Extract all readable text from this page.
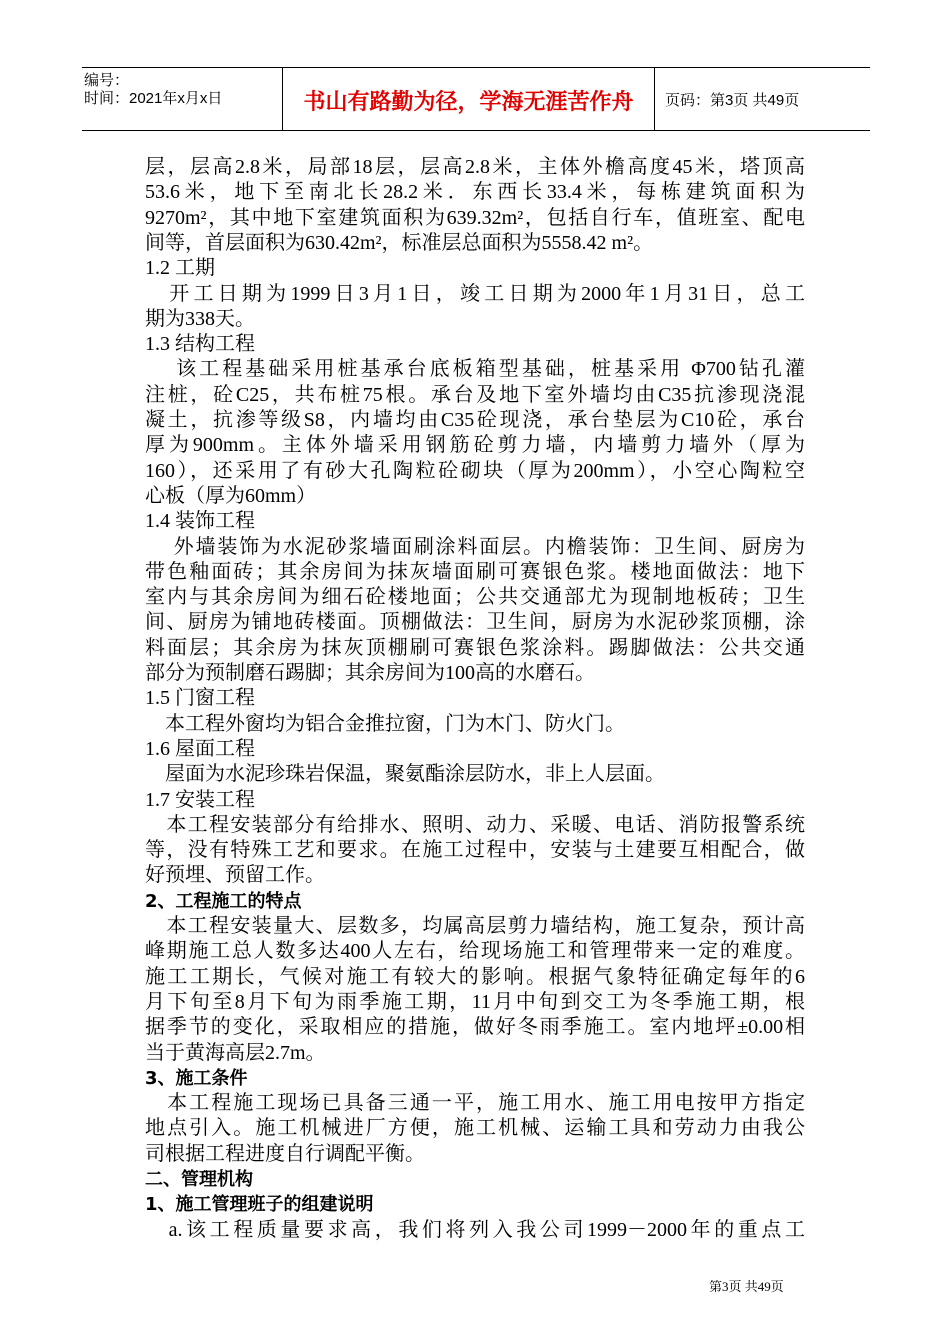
编号：
时间：2021年x月x日	书山有路勤为径，学海无涯苦作舟	页码：第3页 共49页
层，层高2.8米，局部18层，层高2.8米，主体外檐高度45米，塔顶高
53.6米，地下至南北长28.2米．东西长33.4米，每栋建筑面积为
9270m²，其中地下室建筑面积为639.32m²，包括自行车，值班室、配电
间等，首层面积为630.42m²，标准层总面积为5558.42 m²。
1.2 工期
　开工日期为1999日3月1日，竣工日期为2000年1月31日，总工
期为338天。
1.3 结构工程
　 该工程基础采用桩基承台底板箱型基础，桩基采用 Φ700钻孔灌
注桩，砼C25，共布桩75根。承台及地下室外墙均由C35抗渗现浇混
凝土，抗渗等级S8，内墙均由C35砼现浇，承台垫层为C10砼，承台
厚为900mm。主体外墙采用钢筋砼剪力墙，内墙剪力墙外（厚为
160），还采用了有砂大孔陶粒砼砌块（厚为200mm），小空心陶粒空
心板（厚为60mm）
1.4 装饰工程
　 外墙装饰为水泥砂浆墙面刷涂料面层。内檐装饰：卫生间、厨房为
带色釉面砖；其余房间为抹灰墙面刷可赛银色浆。楼地面做法：地下
室内与其余房间为细石砼楼地面；公共交通部尤为现制地板砖；卫生
间、厨房为铺地砖楼面。顶棚做法：卫生间，厨房为水泥砂浆顶棚，涂
料面层；其余房为抹灰顶棚刷可赛银色浆涂料。踢脚做法：公共交通
部分为预制磨石踢脚；其余房间为100高的水磨石。
1.5 门窗工程
　本工程外窗均为铝合金推拉窗，门为木门、防火门。
1.6 屋面工程
　屋面为水泥珍珠岩保温，聚氨酯涂层防水，非上人层面。
1.7 安装工程
　本工程安装部分有给排水、照明、动力、采暖、电话、消防报警系统
等，没有特殊工艺和要求。在施工过程中，安装与土建要互相配合，做
好预埋、预留工作。
2、工程施工的特点
　本工程安装量大、层数多，均属高层剪力墙结构，施工复杂，预计高
峰期施工总人数多达400人左右，给现场施工和管理带来一定的难度。
施工工期长，气候对施工有较大的影响。根据气象特征确定每年的6
月下旬至8月下旬为雨季施工期，11月中旬到交工为冬季施工期，根
据季节的变化，采取相应的措施，做好冬雨季施工。室内地坪±0.00相
当于黄海高层2.7m。
3、施工条件
　本工程施工现场已具备三通一平，施工用水、施工用电按甲方指定
地点引入。施工机械进厂方便，施工机械、运输工具和劳动力由我公
司根据工程进度自行调配平衡。
二、管理机构
1、施工管理班子的组建说明
　a.该工程质量要求高，我们将列入我公司1999－2000年的重点工
第3页 共49页
